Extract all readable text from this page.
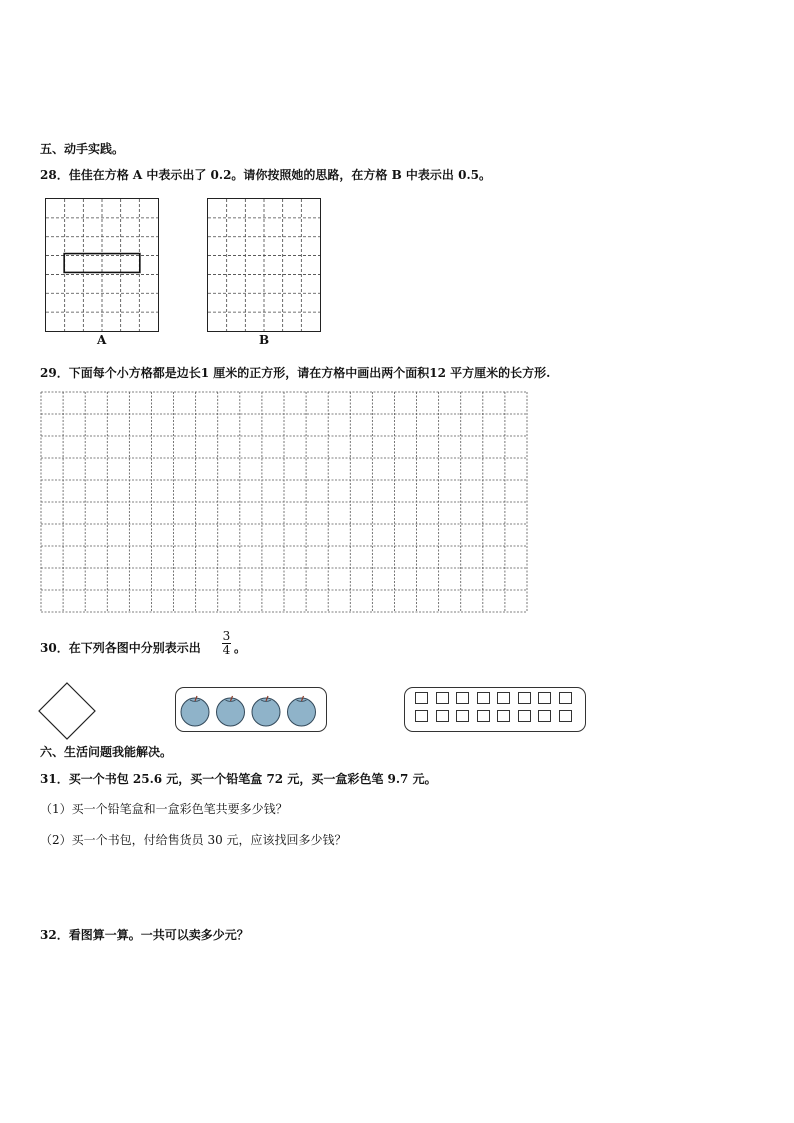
五、动手实践。
28．佳佳在方格 A 中表示出了 0.2。请你按照她的思路，在方格 B 中表示出 0.5。
A	B
29．下面每个小方格都是边长1 厘米的正方形，请在方格中画出两个面积12 平方厘米的长方形.
30．在下列各图中分别表示出
3
4 。
六、生活问题我能解决。
31．买一个书包 25.6 元，买一个铅笔盒 72 元，买一盒彩色笔 9.7 元。
（1）买一个铅笔盒和一盒彩色笔共要多少钱？
（2）买一个书包，付给售货员 30 元，应该找回多少钱？
32．看图算一算。一共可以卖多少元？
